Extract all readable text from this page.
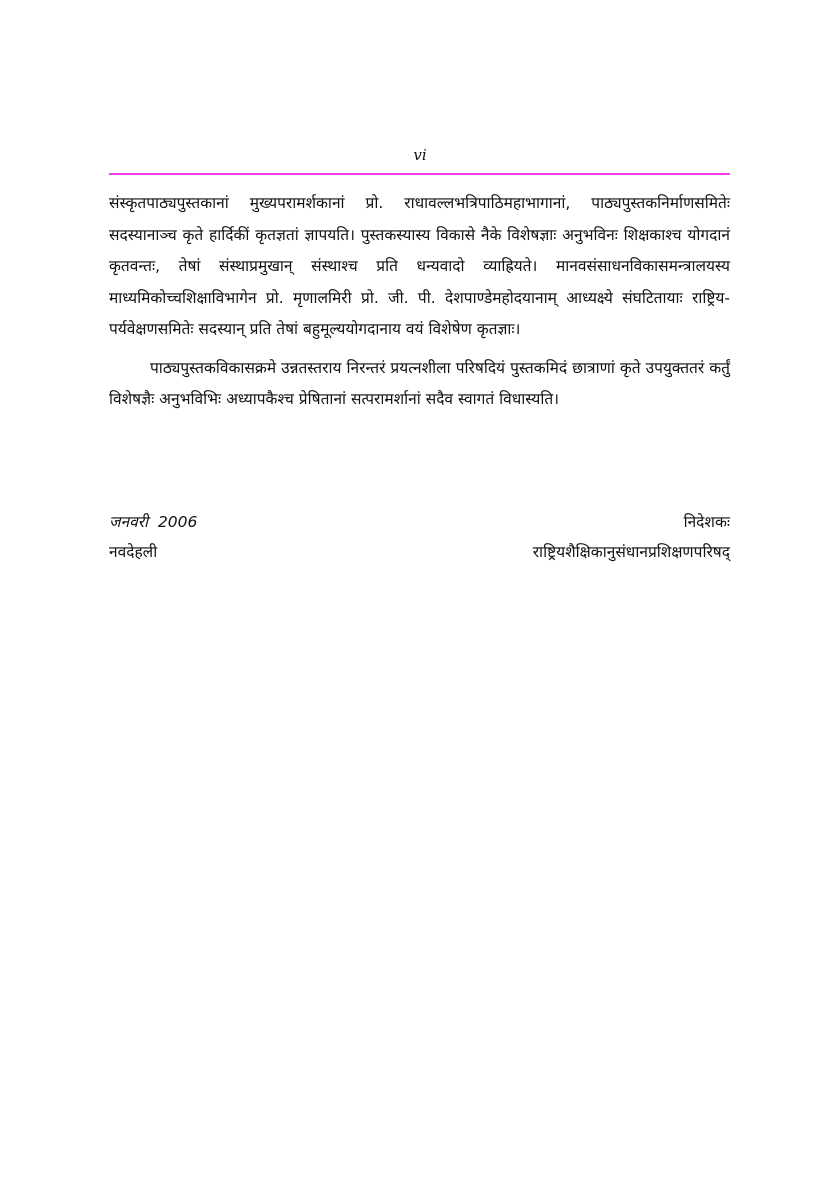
vi

संस्कृतपाठ्यपुस्तकानां मुख्यपरामर्शकानां प्रो. राधावल्लभत्रिपाठिमहाभागानां, पाठ्यपुस्तकनिर्माणसमितेः सदस्यानाञ्च कृते हार्दिकीं कृतज्ञतां ज्ञापयति। पुस्तकस्यास्य विकासे नैके विशेषज्ञाः अनुभविनः शिक्षकाश्च योगदानं कृतवन्तः, तेषां संस्थाप्रमुखान् संस्थाश्च प्रति धन्यवादो व्याह्रियते। मानवसंसाधनविकासमन्त्रालयस्य माध्यमिकोच्चशिक्षाविभागेन प्रो. मृणालमिरी प्रो. जी. पी. देशपाण्डेमहोदयानाम् आध्यक्ष्ये संघटितायाः राष्ट्रिय-पर्यवेक्षणसमितेः सदस्यान् प्रति तेषां बहुमूल्ययोगदानाय वयं विशेषेण कृतज्ञाः।

पाठ्यपुस्तकविकासक्रमे उन्नतस्तराय निरन्तरं प्रयत्नशीला परिषदियं पुस्तकमिदं छात्राणां कृते उपयुक्ततरं कर्तुं विशेषज्ञैः अनुभविभिः अध्यापकैश्च प्रेषितानां सत्परामर्शानां सदैव स्वागतं विधास्यति।

जनवरी  2006	निदेशकः
नवदेहली	राष्ट्रियशैक्षिकानुसंधानप्रशिक्षणपरिषद्
